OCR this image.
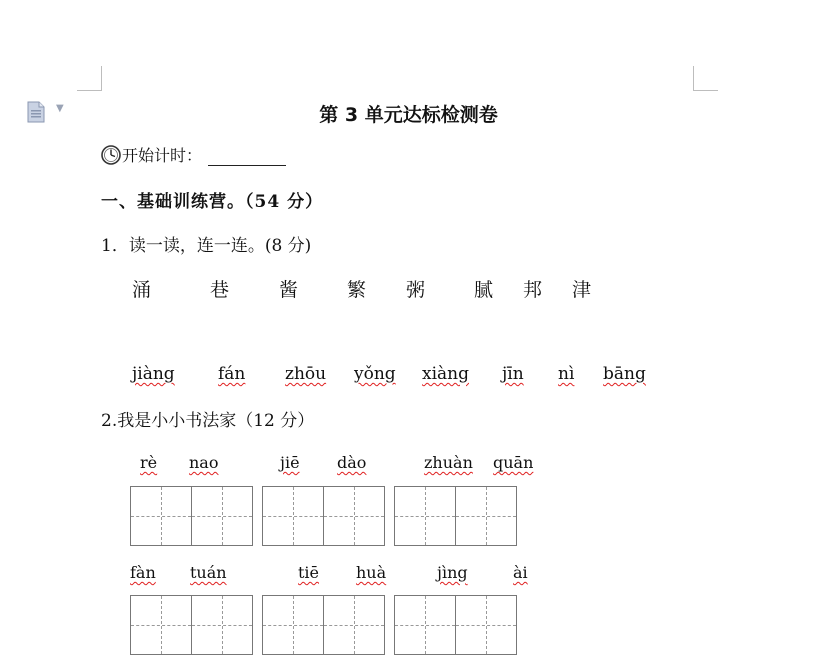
▼	第 3 单元达标检测卷
开始计时：
一、基础训练营。（54 分）
1．读一读，连一连。(8 分)
涌	巷	酱	繁 粥	腻 邦 津
jiàng	fán zhōu yǒng xiàng jīn nì bāng
2.我是小小书法家（12 分）
rè nao	jiē dào	zhuàn quān
fàn tuán	tiē huà	jìng	ài
